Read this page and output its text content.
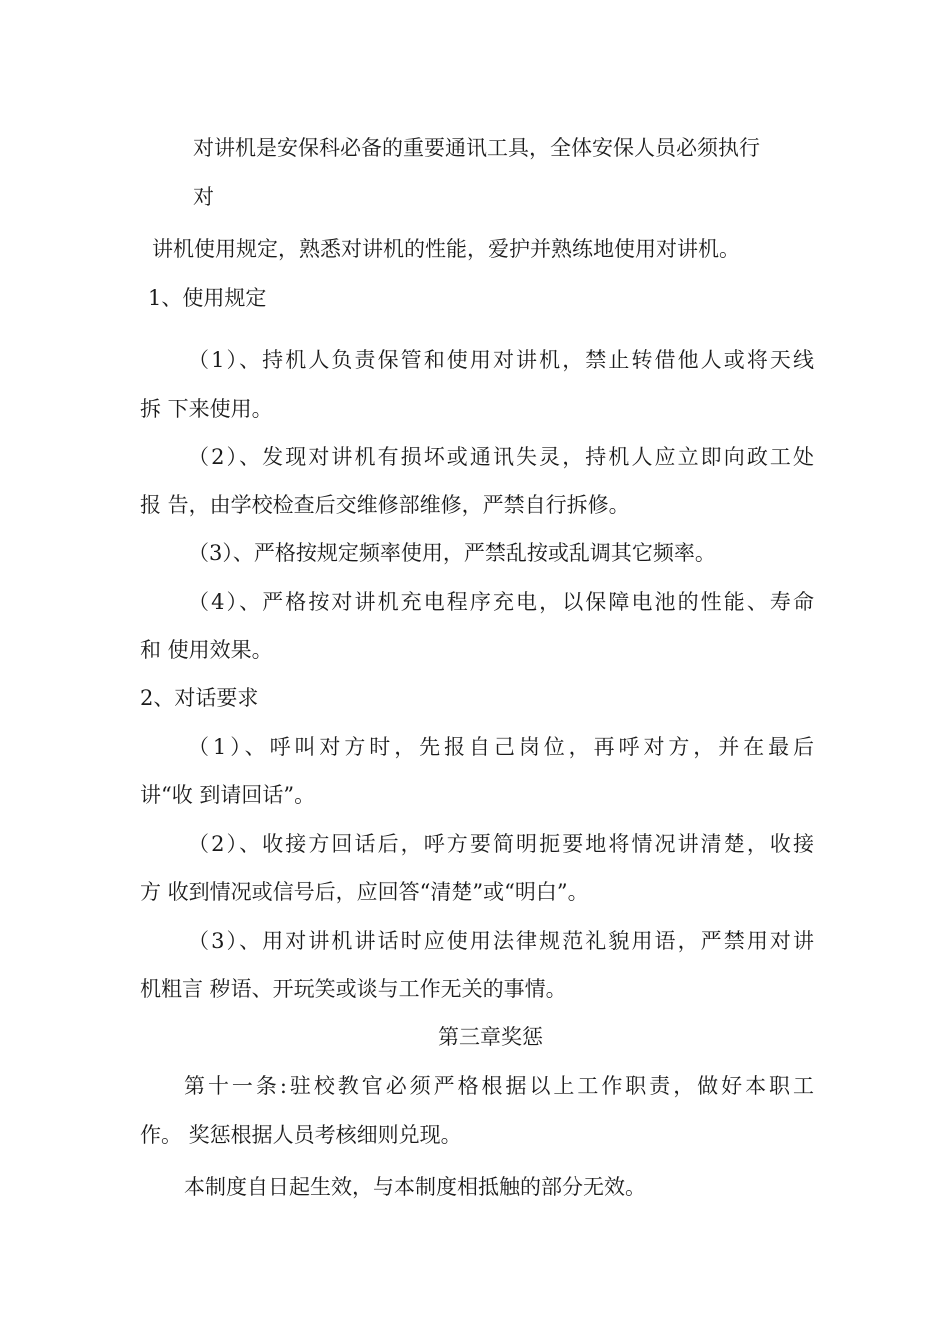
对讲机是安保科必备的重要通讯工具，全体安保人员必须执行

对

讲机使用规定，熟悉对讲机的性能，爱护并熟练地使用对讲机。

1、使用规定

（1）、持机人负责保管和使用对讲机，禁止转借他人或将天线

拆 下来使用。

（2）、发现对讲机有损坏或通讯失灵，持机人应立即向政工处

报 告，由学校检查后交维修部维修，严禁自行拆修。

（3）、严格按规定频率使用，严禁乱按或乱调其它频率。

（4）、严格按对讲机充电程序充电，以保障电池的性能、寿命

和 使用效果。

2、对话要求

（1）、呼叫对方时，先报自己岗位，再呼对方，并在最后

讲“收 到请回话”。

（2）、收接方回话后，呼方要简明扼要地将情况讲清楚，收接

方 收到情况或信号后，应回答“清楚”或“明白”。

（3）、用对讲机讲话时应使用法律规范礼貌用语，严禁用对讲

机粗言 秽语、开玩笑或谈与工作无关的事情。

第三章奖惩

第十一条:驻校教官必须严格根据以上工作职责，做好本职工

作。 奖惩根据人员考核细则兑现。

本制度自日起生效，与本制度相抵触的部分无效。
